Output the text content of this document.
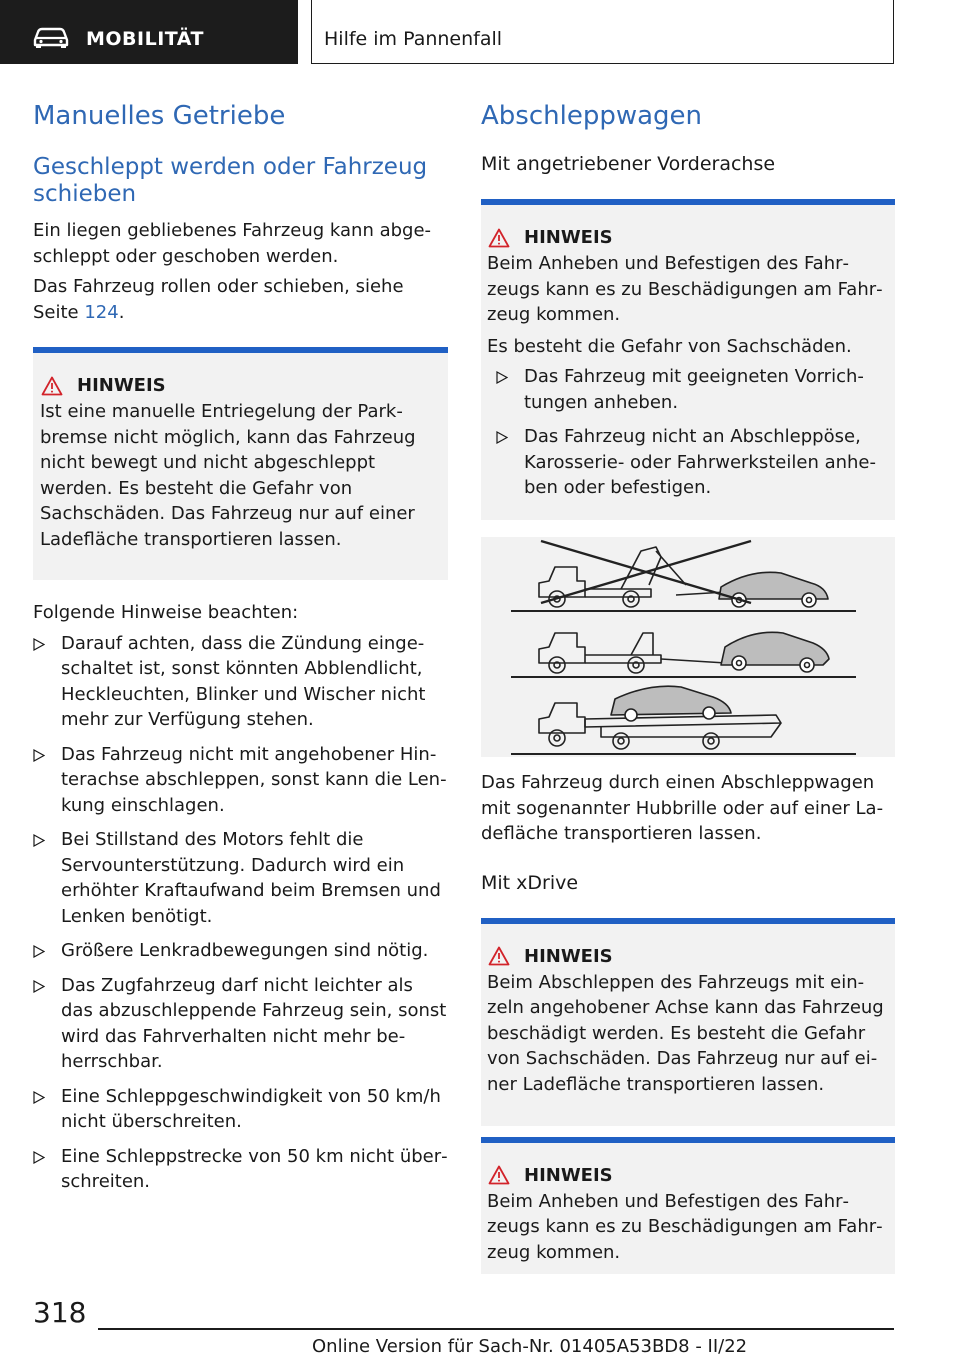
MOBILITÄT	Hilfe im Pannenfall
Manuelles Getriebe
Geschleppt werden oder Fahrzeug schieben

Ein liegen gebliebenes Fahrzeug kann abgeschleppt oder geschoben werden.

Das Fahrzeug rollen oder schieben, siehe Seite 124.

HINWEIS

Ist eine manuelle Entriegelung der Parkbremse nicht möglich, kann das Fahrzeug nicht bewegt und nicht abgeschleppt werden. Es besteht die Gefahr von Sachschäden. Das Fahrzeug nur auf einer Ladefläche transportieren lassen.

Folgende Hinweise beachten:

Darauf achten, dass die Zündung eingeschaltet ist, sonst könnten Abblendlicht, Heckleuchten, Blinker und Wischer nicht mehr zur Verfügung stehen.
Das Fahrzeug nicht mit angehobener Hinterachse abschleppen, sonst kann die Lenkung einschlagen.
Bei Stillstand des Motors fehlt die Servounterstützung. Dadurch wird ein erhöhter Kraftaufwand beim Bremsen und Lenken benötigt.
Größere Lenkradbewegungen sind nötig.
Das Zugfahrzeug darf nicht leichter als das abzuschleppende Fahrzeug sein, sonst wird das Fahrverhalten nicht mehr beherrschbar.
Eine Schleppgeschwindigkeit von 50 km/h nicht überschreiten.
Eine Schleppstrecke von 50 km nicht überschreiten.
Abschleppwagen
Mit angetriebener Vorderachse
HINWEIS

Beim Anheben und Befestigen des Fahrzeugs kann es zu Beschädigungen am Fahrzeug kommen.

Es besteht die Gefahr von Sachschäden.

Das Fahrzeug mit geeigneten Vorrichtungen anheben.
Das Fahrzeug nicht an Abschleppöse, Karosserie- oder Fahrwerksteilen anheben oder befestigen.

Das Fahrzeug durch einen Abschleppwagen mit sogenannter Hubbrille oder auf einer Ladefläche transportieren lassen.

Mit xDrive
HINWEIS

Beim Abschleppen des Fahrzeugs mit einzeln angehobener Achse kann das Fahrzeug beschädigt werden. Es besteht die Gefahr von Sachschäden. Das Fahrzeug nur auf einer Ladefläche transportieren lassen.

HINWEIS

Beim Anheben und Befestigen des Fahrzeugs kann es zu Beschädigungen am Fahrzeug kommen.

318
Online Version für Sach-Nr. 01405A53BD8 - II/22
